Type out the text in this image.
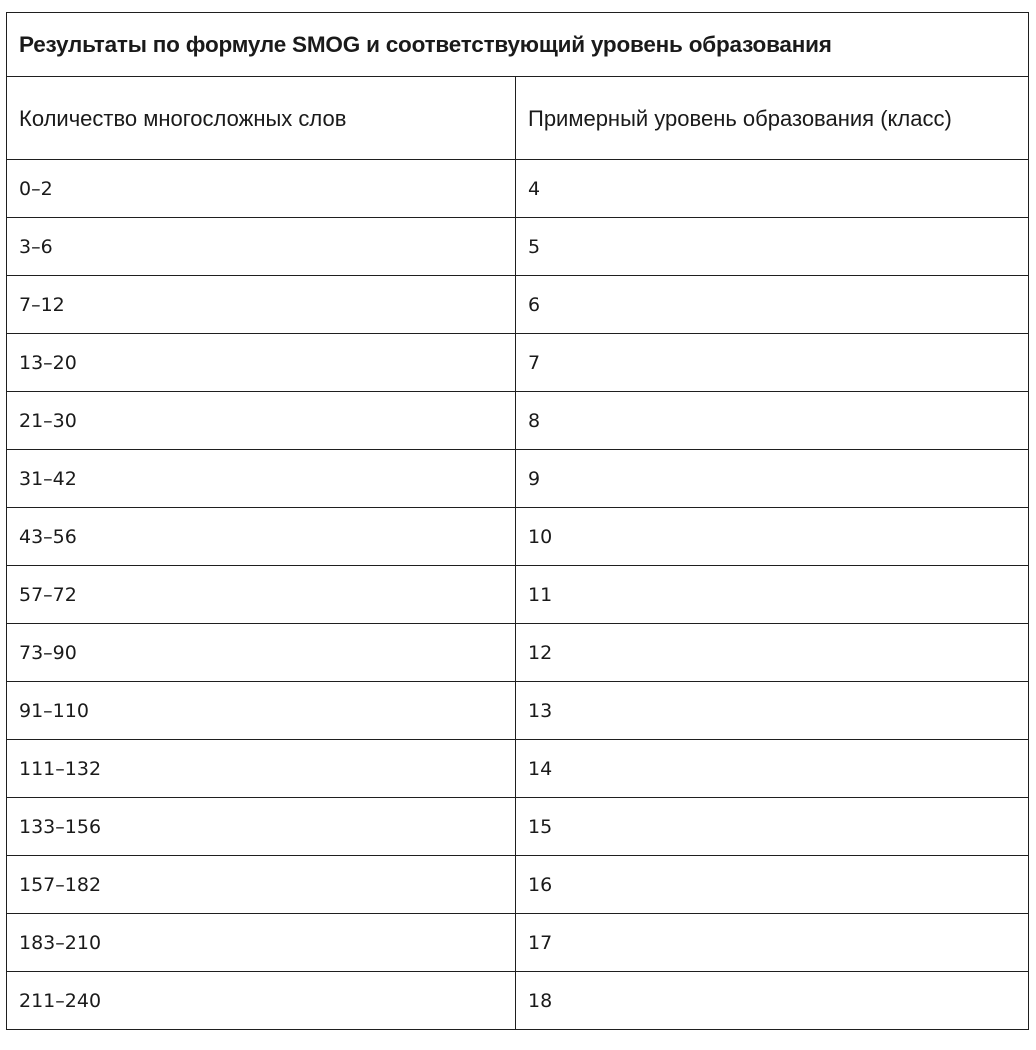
Результаты по формуле SMOG и соответствующий уровень образования	
Количество многосложных слов	Примерный уровень образования (класс)
0–2	4
3–6	5
7–12	6
13–20	7
21–30	8
31–42	9
43–56	10
57–72	11
73–90	12
91–110	13
111–132	14
133–156	15
157–182	16
183–210	17
211–240	18
